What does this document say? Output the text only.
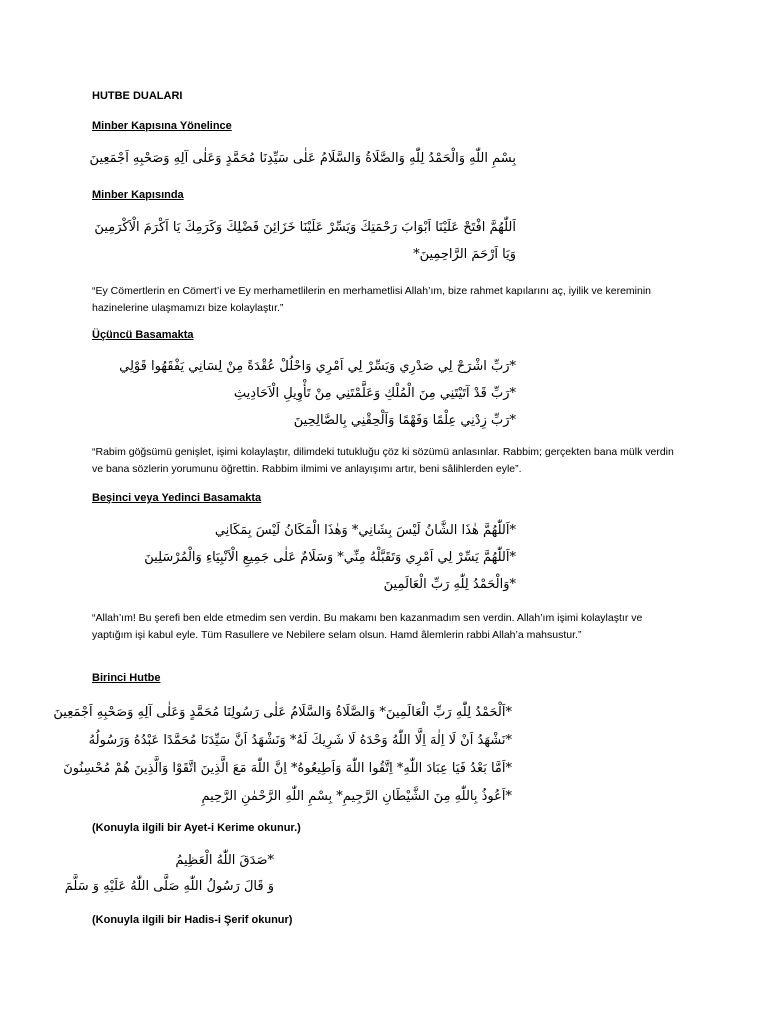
HUTBE DUALARI

Minber Kapısına Yönelince

بِسْمِ اللّٰهِ وَالْحَمْدُ لِلّٰهِ وَالصَّلَاةُ وَالسَّلَامُ عَلٰى سَيِّدِنَا مُحَمَّدٍ وَعَلٰى آلِهِ وَصَحْبِهِ اَجْمَعِينَ

Minber Kapısında

اَللّٰهُمَّ افْتَحْ عَلَيْنَا اَبْوَابَ رَحْمَتِكَ وَيَسِّرْ عَلَيْنَا خَزَائِنَ فَضْلِكَ وَكَرَمِكَ يَا اَكْرَمَ الْاَكْرَمِينَ

وَيَا اَرْحَمَ الرَّاحِمِينَ*

“Ey Cömertlerin en Cömert’i ve Ey merhametlilerin en merhametlisi Allah’ım, bize rahmet kapılarını aç, iyilik ve kereminin hazinelerine ulaşmamızı bize kolaylaştır.”

Üçüncü Basamakta

*رَبِّ اشْرَحْ لِي صَدْرِي وَيَسِّرْ لِي اَمْرِي وَاحْلُلْ عُقْدَةً مِنْ لِسَانِي يَفْقَهُوا قَوْلِي

*رَبِّ قَدْ آتَيْتَنِي مِنَ الْمُلْكِ وَعَلَّمْتَنِي مِنْ تَأْوِيلِ الْاَحَادِيثِ

*رَبِّ زِدْنِي عِلْمًا وَفَهْمًا وَاَلْحِقْنِي بِالصَّالِحِينَ

“Rabim göğsümü genişlet, işimi kolaylaştır, dilimdeki tutukluğu çöz ki sözümü anlasınlar. Rabbim; gerçekten bana mülk verdin ve bana sözlerin yorumunu öğrettin. Rabbim ilmimi ve anlayışımı artır, beni sâlihlerden eyle”.

Beşinci veya Yedinci Basamakta

*اَللّٰهُمَّ هٰذَا الشَّانُ لَيْسَ بِشَانِي* وَهٰذَا الْمَكَانُ لَيْسَ بِمَكَانِي

*اَللّٰهُمَّ يَسِّرْ لِي اَمْرِي وَتَقَبَّلْهُ مِنِّي* وَسَلَامٌ عَلٰى جَمِيعِ الْاَنْبِيَاءِ وَالْمُرْسَلِينَ

*وَالْحَمْدُ لِلّٰهِ رَبِّ الْعَالَمِينَ

“Allah’ım! Bu şerefi ben elde etmedim sen verdin. Bu makamı ben kazanmadım sen verdin. Allah’ım işimi kolaylaştır ve yaptığım işi kabul eyle. Tüm Rasullere ve Nebilere selam olsun. Hamd âlemlerin rabbi Allah’a mahsustur.”

Birinci Hutbe

*اَلْحَمْدُ لِلّٰهِ رَبِّ الْعَالَمِينَ* وَالصَّلَاةُ وَالسَّلَامُ عَلٰى رَسُولِنَا مُحَمَّدٍ وَعَلٰى آلِهِ وَصَحْبِهِ اَجْمَعِينَ

*نَشْهَدُ اَنْ لَا اِلٰهَ اِلَّا اللّٰهُ وَحْدَهُ لَا شَرِيكَ لَهُ* وَنَشْهَدُ اَنَّ سَيِّدَنَا مُحَمَّدًا عَبْدُهُ وَرَسُولُهُ

*اَمَّا بَعْدُ فَيَا عِبَادَ اللّٰهِ* اِتَّقُوا اللّٰهَ وَاَطِيعُوهُ* اِنَّ اللّٰهَ مَعَ الَّذِينَ اتَّقَوْا وَالَّذِينَ هُمْ مُحْسِنُونَ

*اَعُوذُ بِاللّٰهِ مِنَ الشَّيْطَانِ الرَّجِيمِ* بِسْمِ اللّٰهِ الرَّحْمٰنِ الرَّحِيمِ

(Konuyla ilgili bir Ayet-i Kerime okunur.)

*صَدَقَ اللّٰهُ الْعَظِيمُ

وَ قَالَ رَسُولُ اللّٰهِ صَلَّى اللّٰهُ عَلَيْهِ وَ سَلَّمَ

(Konuyla ilgili bir Hadis-i Şerif okunur)
